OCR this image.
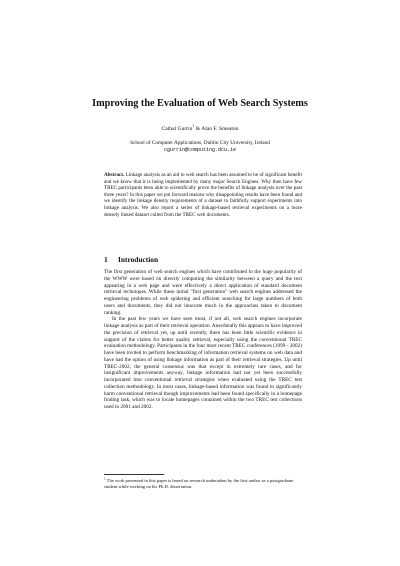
Improving the Evaluation of Web Search Systems
Cathal Gurrin$^1$ & Alan F. Smeaton
School of Computer Applications, Dublin City University, Ireland
cgurrin@computing.dcu.ie
Abstract. Linkage analysis as an aid to web search has been assumed to be of significant benefit and we know that it is being implemented by many major Search Engines. Why then have few TREC participants been able to scientifically prove the benefits of linkage analysis over the past three years? In this paper we put forward reasons why disappointing results have been found and we identify the linkage density requirements of a dataset to faithfully support experiments into linkage analysis. We also report a series of linkage-based retrieval experiments on a more densely linked dataset culled from the TREC web documents.
1 Introduction

The first generation of web search engines which have contributed to the huge popularity of the WWW were based on directly computing the similarity between a query and the text appearing in a web page and were effectively a direct application of standard document retrieval techniques. While these initial "first generation" web search engines addressed the engineering problems of web spidering and efficient searching for large numbers of both users and documents, they did not innovate much in the approaches taken to document ranking.

In the past few years we have seen most, if not all, web search engines incorporate linkage analysis as part of their retrieval operation. Anecdotally this appears to have improved the precision of retrieval yet, up until recently, there has been little scientific evidence in support of the claims for better quality retrieval, especially using the conventional TREC evaluation methodology. Participants in the four most recent TREC conferences (1999 - 2002) have been invited to perform benchmarking of information retrieval systems on web data and have had the option of using linkage information as part of their retrieval strategies. Up until TREC-2002, the general consensus was that except in extremely rare cases, and for insignificant improvements anyway, linkage information had not yet been successfully incorporated into conventional retrieval strategies when evaluated using the TREC test collection methodology. In most cases, linkage-based information was found to significantly harm conventional retrieval though improvements had been found specifically in a homepage finding task, which was to locate homepages contained within the two TREC test collections used in 2001 and 2002.

$^1$ The work presented in this paper is based on research undertaken by the first author as a postgraduate student while working on his Ph.D. dissertation.
